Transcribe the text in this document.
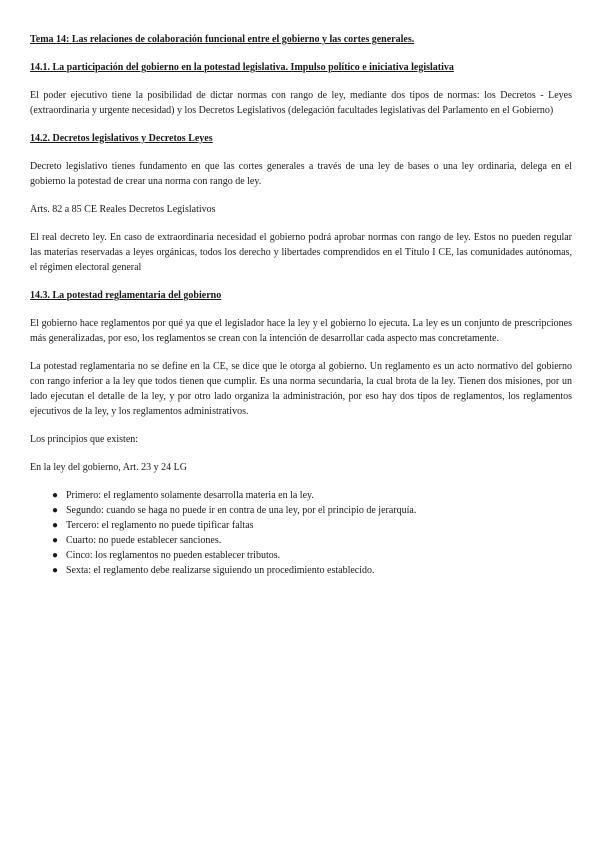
Tema 14: Las relaciones de colaboración funcional entre el gobierno y las cortes generales.
14.1. La participación del gobierno en la potestad legislativa. Impulso político e iniciativa legislativa

El poder ejecutivo tiene la posibilidad de dictar normas con rango de ley, mediante dos tipos de normas: los Decretos - Leyes (extraordinaria y urgente necesidad) y los Decretos Legislativos (delegación facultades legislativas del Parlamento en el Gobierno)

14.2. Decretos legislativos y Decretos Leyes

Decreto legislativo tienes fundamento en que las cortes generales a través de una ley de bases o una ley ordinaria, delega en el gobierno la potestad de crear una norma con rango de ley.

Arts. 82 a 85 CE Reales Decretos Legislativos

El real decreto ley. En caso de extraordinaria necesidad el gobierno podrá aprobar normas con rango de ley. Estos no pueden regular las materias reservadas a leyes orgánicas, todos los derecho y libertades comprendidos en el Título I CE, las comunidades autónomas, el régimen electoral general

14.3. La potestad reglamentaria del gobierno

El gobierno hace reglamentos por qué ya que el legislador hace la ley y el gobierno lo ejecuta. La ley es un conjunto de prescripciones más generalizadas, por eso, los reglamentos se crean con la intención de desarrollar cada aspecto mas concretamente.

La potestad reglamentaria no se define en la CE, se dice que le otorga al gobierno. Un reglamento es un acto normativo del gobierno con rango inferior a la ley que todos tienen que cumplir. Es una norma secundaria, la cual brota de la ley. Tienen dos misiones, por un lado ejecutan el detalle de la ley, y por otro lado organiza la administración, por eso hay dos tipos de reglamentos, los reglamentos ejecutivos de la ley, y los reglamentos administrativos.

Los principios que existen:

En la ley del gobierno, Art. 23 y 24 LG

● Primero: el reglamento solamente desarrolla materia en la ley.
● Segundo: cuando se haga no puede ir en contra de una ley, por el principio de jerarquía.
● Tercero: el reglamento no puede tipificar faltas
● Cuarto: no puede establecer sanciones.
● Cinco: los reglamentos no pueden establecer tributos.
● Sexta: el reglamento debe realizarse siguiendo un procedimiento establecido.
